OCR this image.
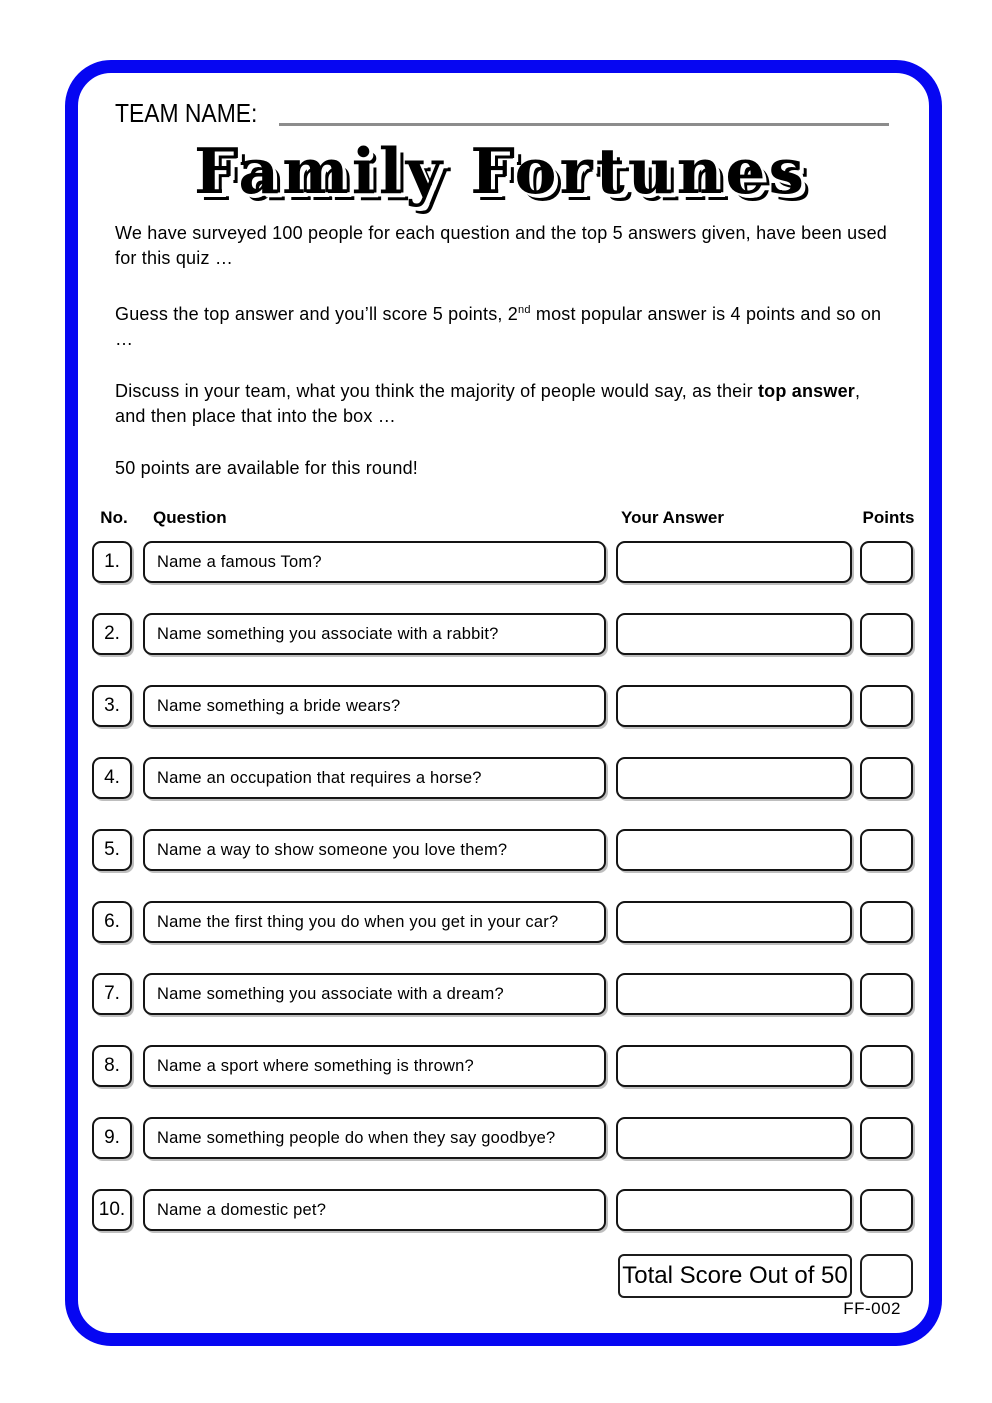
TEAM NAME:
Family Fortunes

We have surveyed 100 people for each question and the top 5 answers given, have been used for this quiz …

Guess the top answer and you’ll score 5 points, 2nd most popular answer is 4 points and so on …

Discuss in your team, what you think the majority of people would say, as their top answer, and then place that into the box …

50 points are available for this round!

No.	Question	Your Answer	Points
1.	Name a famous Tom?
2.	Name something you associate with a rabbit?
3.	Name something a bride wears?
4.	Name an occupation that requires a horse?
5.	Name a way to show someone you love them?
6.	Name the first thing you do when you get in your car?
7.	Name something you associate with a dream?
8.	Name a sport where something is thrown?
9.	Name something people do when they say goodbye?
10.	Name a domestic pet?
Total Score Out of 50
FF-002
